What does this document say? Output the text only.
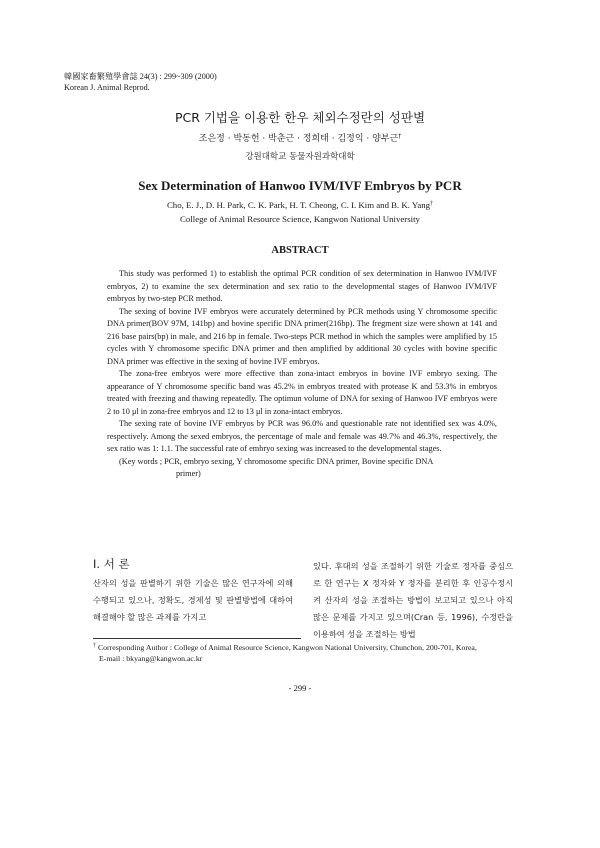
韓國家畜繁殖學會誌 24(3) : 299~309 (2000)
Korean J. Animal Reprod.
PCR 기법을 이용한 한우 체외수정란의 성판별
조은정 · 박동헌 · 박춘근 · 정희태 · 김정익 · 양부근†
강원대학교 동물자원과학대학
Sex Determination of Hanwoo IVM/IVF Embryos by PCR
Cho, E. J., D. H. Park, C. K. Park, H. T. Cheong, C. I. Kim and B. K. Yang†
College of Animal Resource Science, Kangwon National University
ABSTRACT

This study was performed 1) to establish the optimal PCR condition of sex determination in Hanwoo IVM/IVF embryos, 2) to examine the sex determination and sex ratio to the developmental stages of Hanwoo IVM/IVF embryos by two-step PCR method.

The sexing of bovine IVF embryos were accurately determined by PCR methods using Y chromosome specific DNA primer(BOV 97M, 141bp) and bovine specific DNA primer(216bp). The fregment size were shown at 141 and 216 base pairs(bp) in male, and 216 bp in female. Two-steps PCR method in which the samples were amplified by 15 cycles with Y chromosome specific DNA primer and then amplified by additional 30 cycles with bovine specific DNA primer was effective in the sexing of bovine IVF embryos.

The zona-free embryos were more effective than zona-intact embryos in bovine IVF embryo sexing. The appearance of Y chromosome specific band was 45.2% in embryos treated with protease K and 53.3% in embryos treated with freezing and thawing repeatedly. The optimun volume of DNA for sexing of Hanwoo IVF embryos were 2 to 10 μl in zona-free embryos and 12 to 13 μl in zona-intact embryos.

The sexing rate of bovine IVF embryos by PCR was 96.0% and questionable rate not identified sex was 4.0%, respectively. Among the sexed embryos, the percentage of male and female was 49.7% and 46.3%, respectively, the sex ratio was 1: 1.1. The successful rate of embryo sexing was increased to the developmental stages.

(Key words ; PCR, embryo sexing, Y chromosome specific DNA primer, Bovine specific DNA

primer)

Ⅰ. 서 론

산자의 성을 판별하기 위한 기술은 많은 연구자에 의해 수행되고 있으나, 정확도, 경제성 및 판별방법에 대하여 해결해야 할 많은 과제를 가지고

있다. 후대의 성을 조절하기 위한 기술로 정자를 중심으로 한 연구는 X 정자와 Y 정자를 분리한 후 인공수정시켜 산자의 성을 조절하는 방법이 보고되고 있으나 아직 많은 문제를 가지고 있으며(Cran 등, 1996), 수정란을 이용하여 성을 조절하는 방법

† Corresponding Author : College of Animal Resource Science, Kangwon National University, Chunchon, 200-701, Korea,
E-mail : bkyang@kangwon.ac.kr
- 299 -
